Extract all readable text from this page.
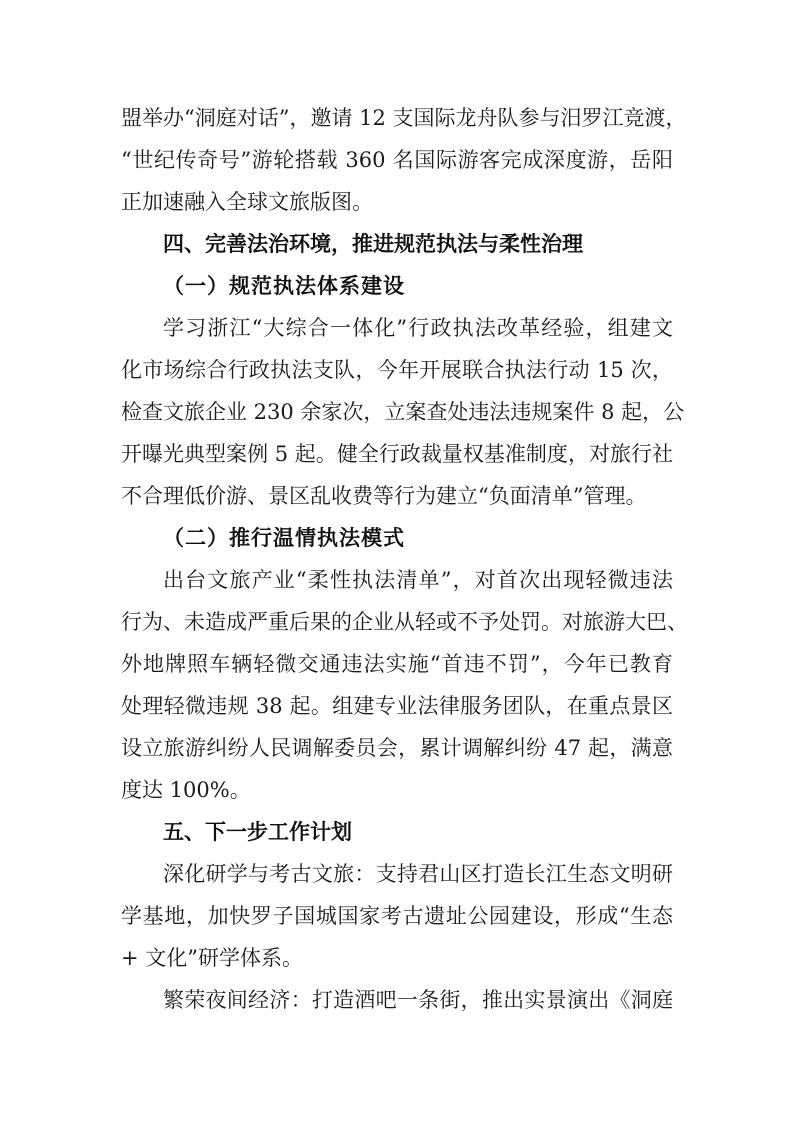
盟举办“洞庭对话”，邀请 12 支国际龙舟队参与汨罗江竞渡，
“世纪传奇号”游轮搭载 360 名国际游客完成深度游，岳阳
正加速融入全球文旅版图。
四、完善法治环境，推进规范执法与柔性治理
（一）规范执法体系建设
学习浙江“大综合一体化”行政执法改革经验，组建文
化市场综合行政执法支队，今年开展联合执法行动 15 次，
检查文旅企业 230 余家次，立案查处违法违规案件 8 起，公
开曝光典型案例 5 起。健全行政裁量权基准制度，对旅行社
不合理低价游、景区乱收费等行为建立“负面清单”管理。
（二）推行温情执法模式
出台文旅产业“柔性执法清单”，对首次出现轻微违法
行为、未造成严重后果的企业从轻或不予处罚。对旅游大巴、
外地牌照车辆轻微交通违法实施“首违不罚”，今年已教育
处理轻微违规 38 起。组建专业法律服务团队，在重点景区
设立旅游纠纷人民调解委员会，累计调解纠纷 47 起，满意
度达 100%。
五、下一步工作计划
深化研学与考古文旅：支持君山区打造长江生态文明研
学基地，加快罗子国城国家考古遗址公园建设，形成“生态
+ 文化”研学体系。
繁荣夜间经济：打造酒吧一条街，推出实景演出《洞庭
